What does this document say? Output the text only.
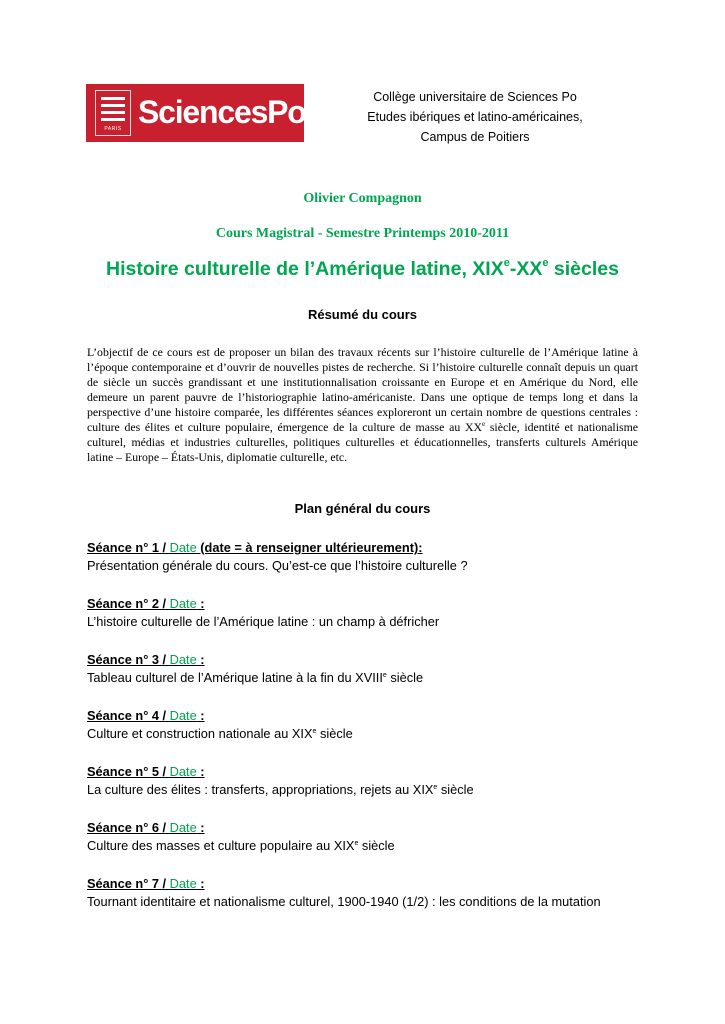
PARIS SciencesPo.	Collège universitaire de Sciences Po
Etudes ibériques et latino-américaines,
Campus de Poitiers
Olivier Compagnon
Cours Magistral - Semestre Printemps 2010-2011
Histoire culturelle de l’Amérique latine, XIXe-XXe siècles
Résumé du cours
L’objectif de ce cours est de proposer un bilan des travaux récents sur l’histoire culturelle de l’Amérique latine à l’époque contemporaine et d’ouvrir de nouvelles pistes de recherche. Si l’histoire culturelle connaît depuis un quart de siècle un succès grandissant et une institutionnalisation croissante en Europe et en Amérique du Nord, elle demeure un parent pauvre de l’historiographie latino-américaniste. Dans une optique de temps long et dans la perspective d’une histoire comparée, les différentes séances exploreront un certain nombre de questions centrales : culture des élites et culture populaire, émergence de la culture de masse au XXe siècle, identité et nationalisme culturel, médias et industries culturelles, politiques culturelles et éducationnelles, transferts culturels Amérique latine – Europe – États-Unis, diplomatie culturelle, etc.
Plan général du cours
Séance n° 1 / Date (date = à renseigner ultérieurement):
Présentation générale du cours. Qu’est-ce que l’histoire culturelle ?
Séance n° 2 / Date :
L’histoire culturelle de l’Amérique latine : un champ à défricher
Séance n° 3 / Date :
Tableau culturel de l’Amérique latine à la fin du XVIIIe siècle
Séance n° 4 / Date :
Culture et construction nationale au XIXe siècle
Séance n° 5 / Date :
La culture des élites : transferts, appropriations, rejets au XIXe siècle
Séance n° 6 / Date :
Culture des masses et culture populaire au XIXe siècle
Séance n° 7 / Date :
Tournant identitaire et nationalisme culturel, 1900-1940 (1/2) : les conditions de la mutation
